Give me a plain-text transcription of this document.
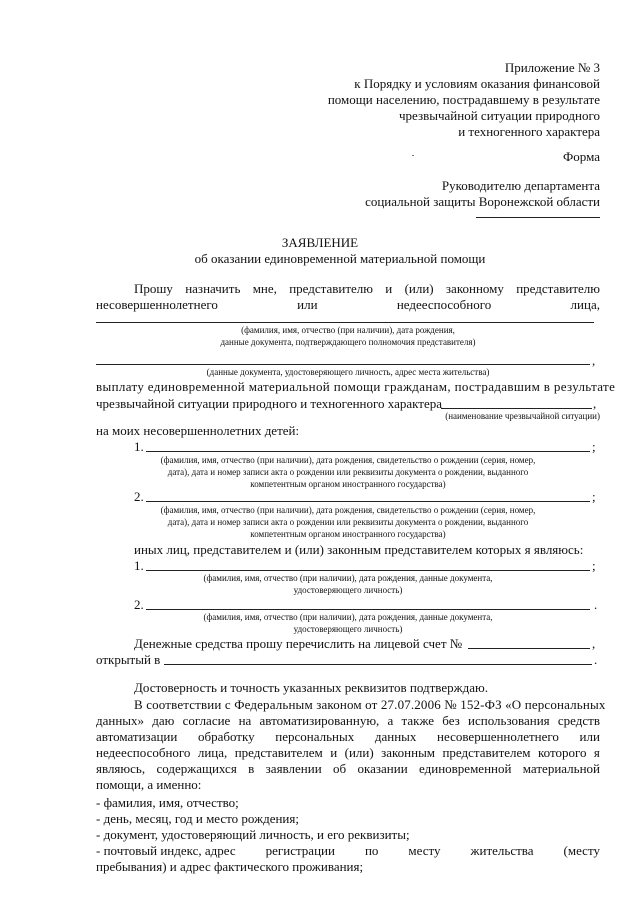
Приложение № 3
к Порядку и условиям оказания финансовой
помощи населению, пострадавшему в результате
чрезвычайной ситуации природного
и техногенного характера
Форма
Руководителю департамента
социальной защиты Воронежской области
ЗАЯВЛЕНИЕ
об оказании единовременной материальной помощи
Прошу назначить мне, представителю и (или) законному представителю
несовершеннолетнего	или	недееспособного	лица,
(фамилия, имя, отчество (при наличии), дата рождения,
данные документа, подтверждающего полномочия представителя)
,
(данные документа, удостоверяющего личность, адрес места жительства)
выплату единовременной материальной помощи гражданам, пострадавшим в результате
чрезвычайной ситуации природного и техногенного характера	,
(наименование чрезвычайной ситуации)
на моих несовершеннолетних детей:
1.	;
(фамилия, имя, отчество (при наличии), дата рождения, свидетельство о рождении (серия, номер,
дата), дата и номер записи акта о рождении или реквизиты документа о рождении, выданного
компетентным органом иностранного государства)
2.	;
(фамилия, имя, отчество (при наличии), дата рождения, свидетельство о рождении (серия, номер,
дата), дата и номер записи акта о рождении или реквизиты документа о рождении, выданного
компетентным органом иностранного государства)
иных лиц, представителем и (или) законным представителем которых я являюсь:
1.	;
(фамилия, имя, отчество (при наличии), дата рождения, данные документа,
удостоверяющего личность)
2.	.
(фамилия, имя, отчество (при наличии), дата рождения, данные документа,
удостоверяющего личность)
Денежные средства прошу перечислить на лицевой счет №	,
открытый в	.
Достоверность и точность указанных реквизитов подтверждаю.
В соответствии с Федеральным законом от 27.07.2006 № 152-ФЗ «О персональных
данных» даю согласие на автоматизированную, а также без использования средств
автоматизации обработку персональных данных несовершеннолетнего или
недееспособного лица, представителем и (или) законным представителем которого я
являюсь, содержащихся в заявлении об оказании единовременной материальной
помощи, а именно:
- фамилия, имя, отчество;
- день, месяц, год и место рождения;
- документ, удостоверяющий личность, и его реквизиты;
- почтовый индекс, адрес регистрации по месту жительства (месту
пребывания) и адрес фактического проживания;
